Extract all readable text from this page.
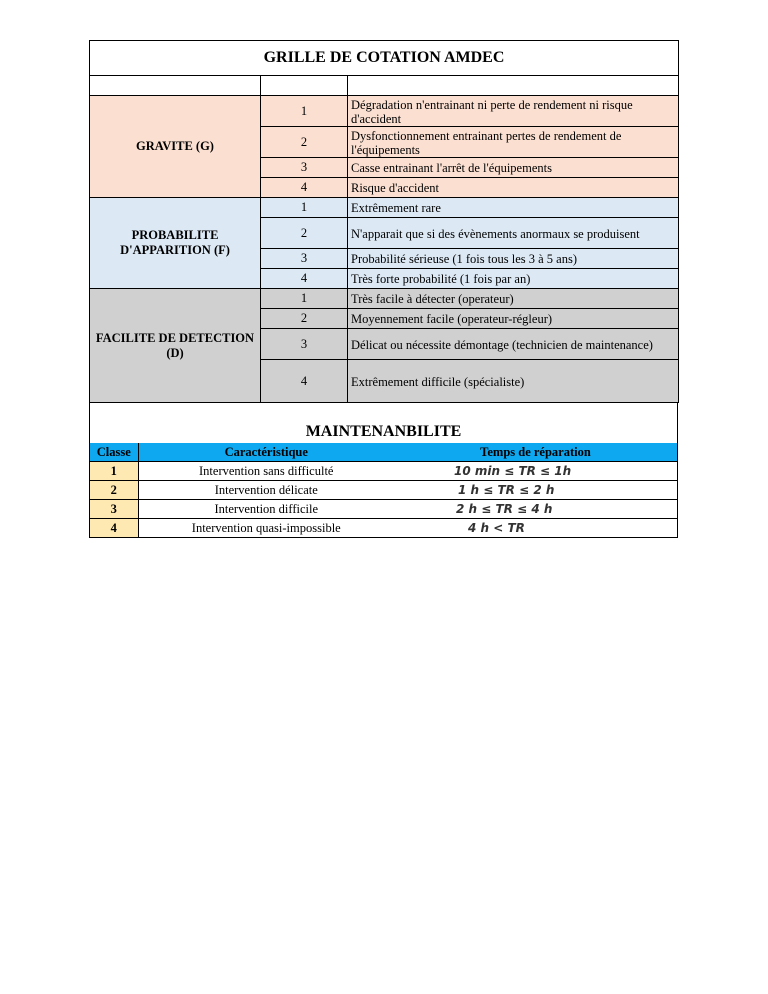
GRILLE DE COTATION AMDEC		

GRAVITE (G)	1	Dégradation n'entrainant ni perte de rendement ni risque d'accident
	2	Dysfonctionnement entrainant pertes de rendement de l'équipements
	3	Casse entrainant l'arrêt de l'équipements
	4	Risque d'accident
PROBABILITE D'APPARITION (F)	1	Extrêmement rare
	2	N'apparait que si des évènements anormaux se produisent
	3	Probabilité sérieuse (1 fois tous les 3 à 5 ans)
	4	Très forte probabilité (1 fois par an)
FACILITE DE DETECTION (D)	1	Très facile à détecter (operateur)
	2	Moyennement facile (operateur-régleur)
	3	Délicat ou nécessite démontage (technicien de maintenance)
	4	Extrêmement difficile (spécialiste)
MAINTENANBILITE
Classe	Caractéristique	Temps de réparation
1	Intervention sans difficulté	10 min ≤ TR ≤ 1h
2	Intervention délicate	1 h ≤ TR ≤ 2 h
3	Intervention difficile	2 h ≤ TR ≤ 4 h
4	Intervention quasi-impossible	4 h < TR
